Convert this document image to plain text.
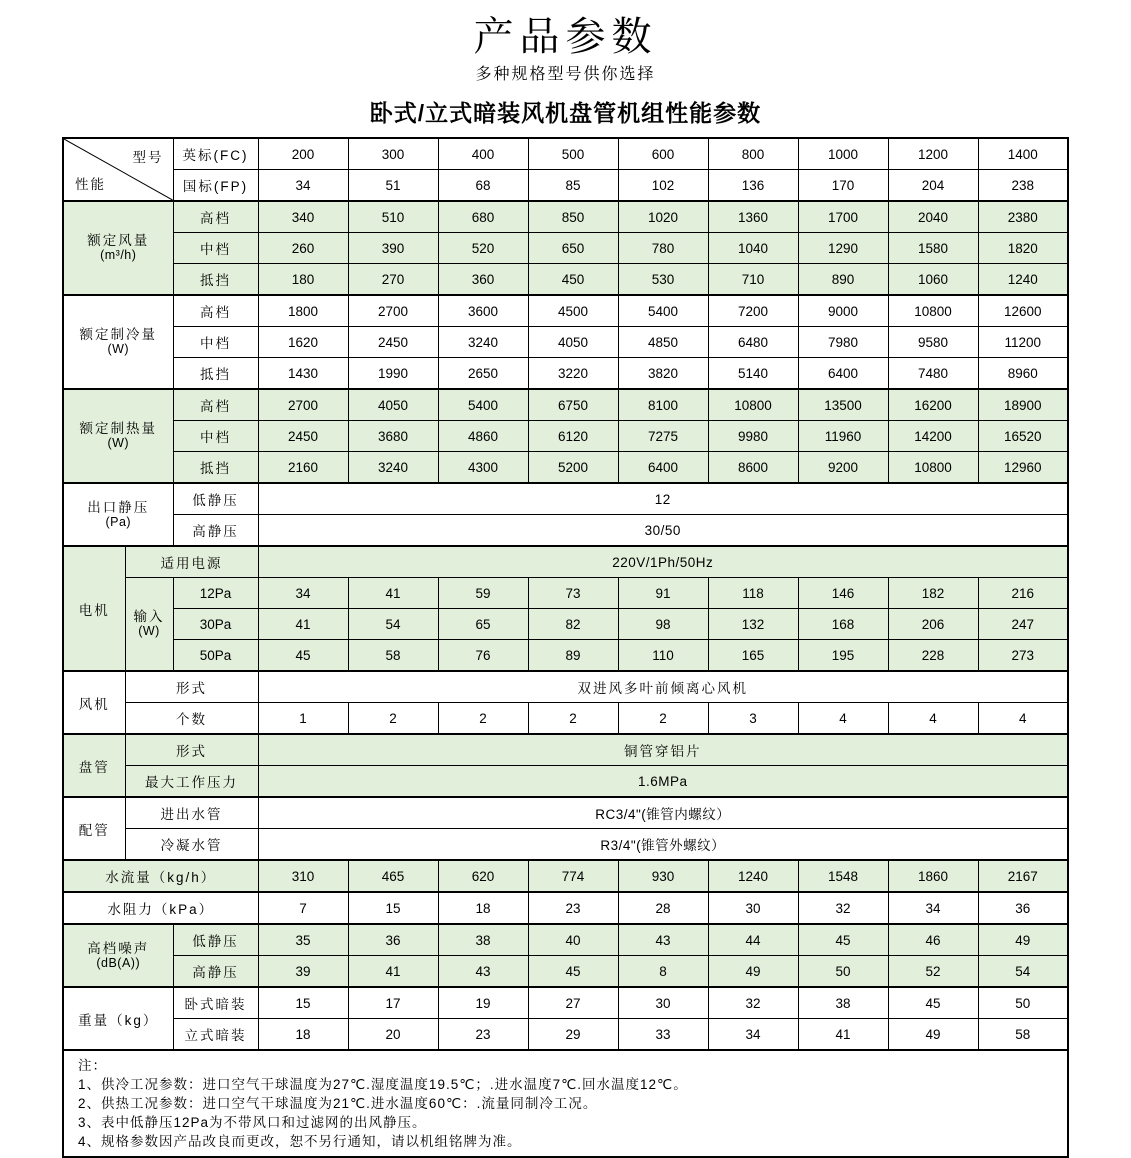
产品参数
多种规格型号供你选择
卧式/立式暗装风机盘管机组性能参数
型号
性能		英标(FC)	200	300	400	500	600	800	1000	1200	1400
		国标(FP)	34	51	68	85	102	136	170	204	238

额定风量
(m³/h)		高档	340	510	680	850	1020	1360	1700	2040	2380
		中档	260	390	520	650	780	1040	1290	1580	1820
		抵挡	180	270	360	450	530	710	890	1060	1240

额定制冷量
(W)		高档	1800	2700	3600	4500	5400	7200	9000	10800	12600
		中档	1620	2450	3240	4050	4850	6480	7980	9580	11200
		抵挡	1430	1990	2650	3220	3820	5140	6400	7480	8960

额定制热量
(W)		高档	2700	4050	5400	6750	8100	10800	13500	16200	18900
		中档	2450	3680	4860	6120	7275	9980	11960	14200	16520
		抵挡	2160	3240	4300	5200	6400	8600	9200	10800	12960

出口静压
(Pa)		低静压	12								
		高静压	30/50								
电机	适用电源		220V/1Ph/50Hz								

	输入
(W)	12Pa	34	41	59	73	91	118	146	182	216
		30Pa	41	54	65	82	98	132	168	206	247
		50Pa	45	58	76	89	110	165	195	228	273
风机	形式		双进风多叶前倾离心风机								
	个数		1	2	2	2	2	3	4	4	4
盘管	形式		铜管穿铝片								
	最大工作压力		1.6MPa								
配管	进出水管		RC3/4"(锥管内螺纹）								
	冷凝水管		R3/4"(锥管外螺纹）								
水流量（kg/h）			310	465	620	774	930	1240	1548	1860	2167
水阻力（kPa）			7	15	18	23	28	30	32	34	36

高档噪声
(dB(A))		低静压	35	36	38	40	43	44	45	46	49
		高静压	39	41	43	45	8	49	50	52	54
重量（kg）		卧式暗装	15	17	19	27	30	32	38	45	50
		立式暗装	18	20	23	29	33	34	41	49	58

注：
1、供冷工况参数：进口空气干球温度为27℃.湿度温度19.5℃；.进水温度7℃.回水温度12℃。
2、供热工况参数：进口空气干球温度为21℃.进水温度60℃：.流量同制冷工况。
3、表中低静压12Pa为不带风口和过滤网的出风静压。
4、规格参数因产品改良而更改，恕不另行通知，请以机组铭牌为准。											
